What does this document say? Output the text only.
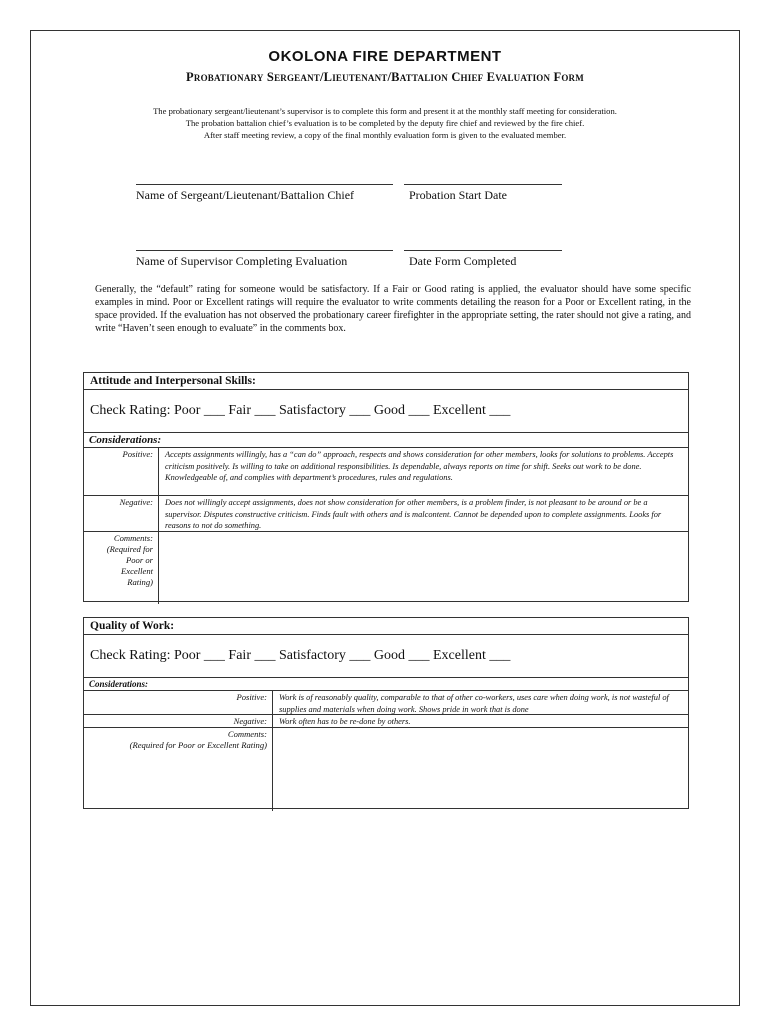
OKOLONA FIRE DEPARTMENT
Probationary Sergeant/Lieutenant/Battalion Chief Evaluation Form
The probationary sergeant/lieutenant’s supervisor is to complete this form and present it at the monthly staff meeting for consideration.
The probation battalion chief’s evaluation is to be completed by the deputy fire chief and reviewed by the fire chief.
After staff meeting review, a copy of the final monthly evaluation form is given to the evaluated member.
Name of Sergeant/Lieutenant/Battalion Chief	Probation Start Date
Name of Supervisor Completing Evaluation	Date Form Completed
Generally, the “default” rating for someone would be satisfactory. If a Fair or Good rating is applied, the evaluator should have some specific examples in mind. Poor or Excellent ratings will require the evaluator to write comments detailing the reason for a Poor or Excellent rating, in the space provided. If the evaluation has not observed the probationary career firefighter in the appropriate setting, the rater should not give a rating, and write “Haven’t seen enough to evaluate” in the comments box.
Attitude and Interpersonal Skills:
Check Rating: Poor ___ Fair ___ Satisfactory ___ Good ___ Excellent ___
Considerations:
Positive:	Accepts assignments willingly, has a “can do” approach, respects and shows consideration for other members, looks for solutions to problems. Accepts criticism positively. Is willing to take on additional responsibilities. Is dependable, always reports on time for shift. Seeks out work to be done. Knowledgeable of, and complies with department’s procedures, rules and regulations.
Negative:	Does not willingly accept assignments, does not show consideration for other members, is a problem finder, is not pleasant to be around or be a supervisor. Disputes constructive criticism. Finds fault with others and is malcontent. Cannot be depended upon to complete assignments. Looks for reasons to not do something.
Comments: (Required for Poor or Excellent Rating)
Quality of Work:
Check Rating: Poor ___ Fair ___ Satisfactory ___ Good ___ Excellent ___
Considerations:
Positive:	Work is of reasonably quality, comparable to that of other co-workers, uses care when doing work, is not wasteful of supplies and materials when doing work. Shows pride in work that is done
Negative:	Work often has to be re-done by others.
Comments:
(Required for Poor or Excellent Rating)
